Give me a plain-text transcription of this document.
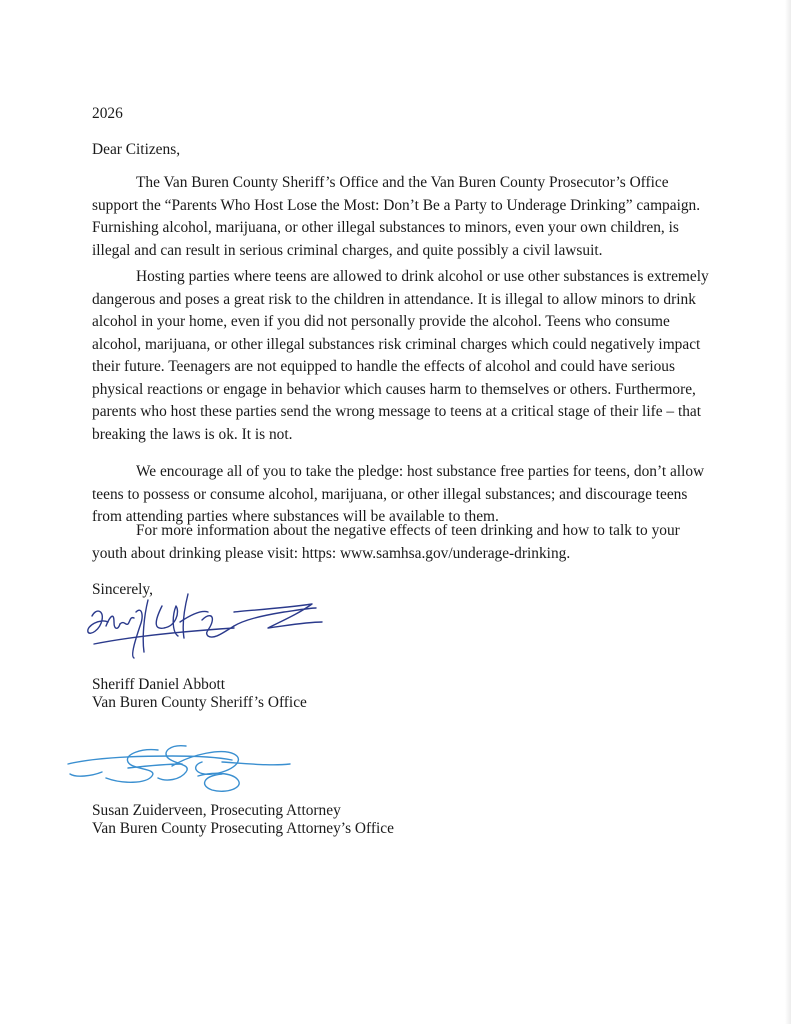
2026

Dear Citizens,

The Van Buren County Sheriff’s Office and the Van Buren County Prosecutor’s Office support the “Parents Who Host Lose the Most: Don’t Be a Party to Underage Drinking” campaign. Furnishing alcohol, marijuana, or other illegal substances to minors, even your own children, is illegal and can result in serious criminal charges, and quite possibly a civil lawsuit.

Hosting parties where teens are allowed to drink alcohol or use other substances is extremely dangerous and poses a great risk to the children in attendance. It is illegal to allow minors to drink alcohol in your home, even if you did not personally provide the alcohol. Teens who consume alcohol, marijuana, or other illegal substances risk criminal charges which could negatively impact their future. Teenagers are not equipped to handle the effects of alcohol and could have serious physical reactions or engage in behavior which causes harm to themselves or others. Furthermore, parents who host these parties send the wrong message to teens at a critical stage of their life – that breaking the laws is ok. It is not.

We encourage all of you to take the pledge: host substance free parties for teens, don’t allow teens to possess or consume alcohol, marijuana, or other illegal substances; and discourage teens from attending parties where substances will be available to them.

For more information about the negative effects of teen drinking and how to talk to your youth about drinking please visit: https: www.samhsa.gov/underage-drinking.

Sincerely,

Sheriff Daniel Abbott

Van Buren County Sheriff’s Office

Susan Zuiderveen, Prosecuting Attorney

Van Buren County Prosecuting Attorney’s Office
